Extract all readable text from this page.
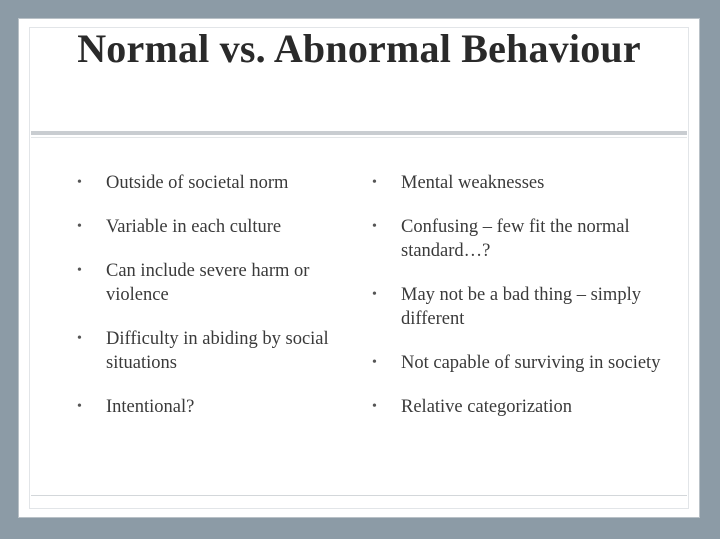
Normal vs. Abnormal Behaviour
• Outside of societal norm
• Variable in each culture
• Can include severe harm or violence
• Difficulty in abiding by social situations
• Intentional?
• Mental weaknesses
• Confusing – few fit the normal standard…?
• May not be a bad thing – simply different
• Not capable of surviving in society
• Relative categorization
